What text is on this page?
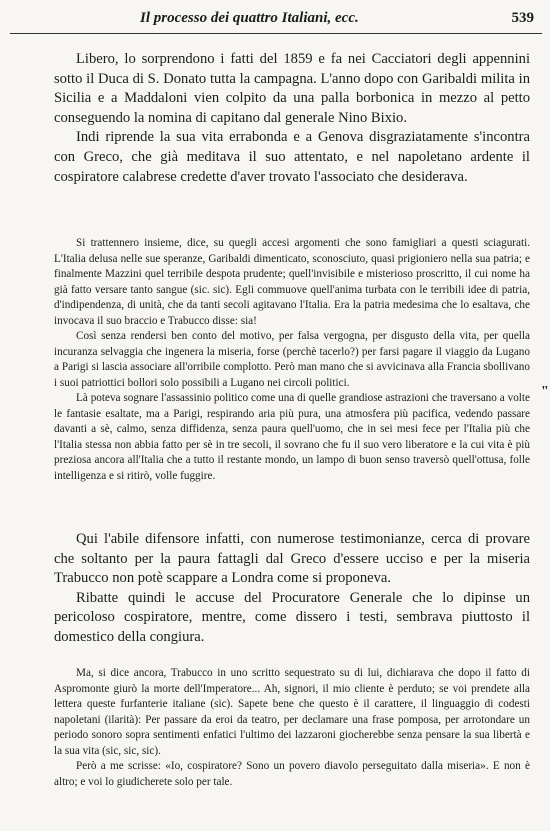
Il processo dei quattro Italiani, ecc.	539

Libero, lo sorprendono i fatti del 1859 e fa nei Cacciatori degli appennini sotto il Duca di S. Donato tutta la campagna. L'anno dopo con Garibaldi milita in Sicilia e a Maddaloni vien colpito da una palla borbonica in mezzo al petto conseguendo la nomina di capitano dal generale Nino Bixio.

Indi riprende la sua vita errabonda e a Genova disgraziatamente s'incontra con Greco, che già meditava il suo attentato, e nel napoletano ardente il cospiratore calabrese credette d'aver trovato l'associato che desiderava.

Si trattennero insieme, dice, su quegli accesi argomenti che sono famigliari a questi sciagurati. L'Italia delusa nelle sue speranze, Garibaldi dimenticato, sconosciuto, quasi prigioniero nella sua patria; e finalmente Mazzini quel terribile despota prudente; quell'invisibile e misterioso proscritto, il cui nome ha già fatto versare tanto sangue (sic. sic). Egli commuove quell'anima turbata con le terribili idee di patria, d'indipendenza, di unità, che da tanti secoli agitavano l'Italia. Era la patria medesima che lo esaltava, che invocava il suo braccio e Trabucco disse: sia!

Così senza rendersi ben conto del motivo, per falsa vergogna, per disgusto della vita, per quella incuranza selvaggia che ingenera la miseria, forse (perchè tacerlo?) per farsi pagare il viaggio da Lugano a Parigi si lascia associare all'orribile complotto. Però man mano che si avvicinava alla Francia sbollivano i suoi patriottici bollori solo possibili a Lugano nei circoli politici.

Là poteva sognare l'assassinio politico come una di quelle grandiose astrazioni che traversano a volte le fantasie esaltate, ma a Parigi, respirando aria più pura, una atmosfera più pacifica, vedendo passare davanti a sè, calmo, senza diffidenza, senza paura quell'uomo, che in sei mesi fece per l'Italia più che l'Italia stessa non abbia fatto per sè in tre secoli, il sovrano che fu il suo vero liberatore e la cui vita è più preziosa ancora all'Italia che a tutto il restante mondo, un lampo di buon senso traversò quell'ottusa, folle intelligenza e si ritirò, volle fuggire.

Qui l'abile difensore infatti, con numerose testimonianze, cerca di provare che soltanto per la paura fattagli dal Greco d'essere ucciso e per la miseria Trabucco non potè scappare a Londra come si proponeva.

Ribatte quindi le accuse del Procuratore Generale che lo dipinse un pericoloso cospiratore, mentre, come dissero i testi, sembrava piuttosto il domestico della congiura.

Ma, si dice ancora, Trabucco in uno scritto sequestrato su di lui, dichiarava che dopo il fatto di Aspromonte giurò la morte dell'Imperatore... Ah, signori, il mio cliente è perduto; se voi prendete alla lettera queste furfanterie italiane (sic). Sapete bene che questo è il carattere, il linguaggio di codesti napoletani (ilarità): Per passare da eroi da teatro, per declamare una frase pomposa, per arrotondare un periodo sonoro sopra sentimenti enfatici l'ultimo dei lazzaroni giocherebbe senza pensare la sua libertà e la sua vita (sic, sic, sic).

Però a me scrisse: «Io, cospiratore? Sono un povero diavolo perseguitato dalla miseria». E non è altro; e voi lo giudicherete solo per tale.

"
